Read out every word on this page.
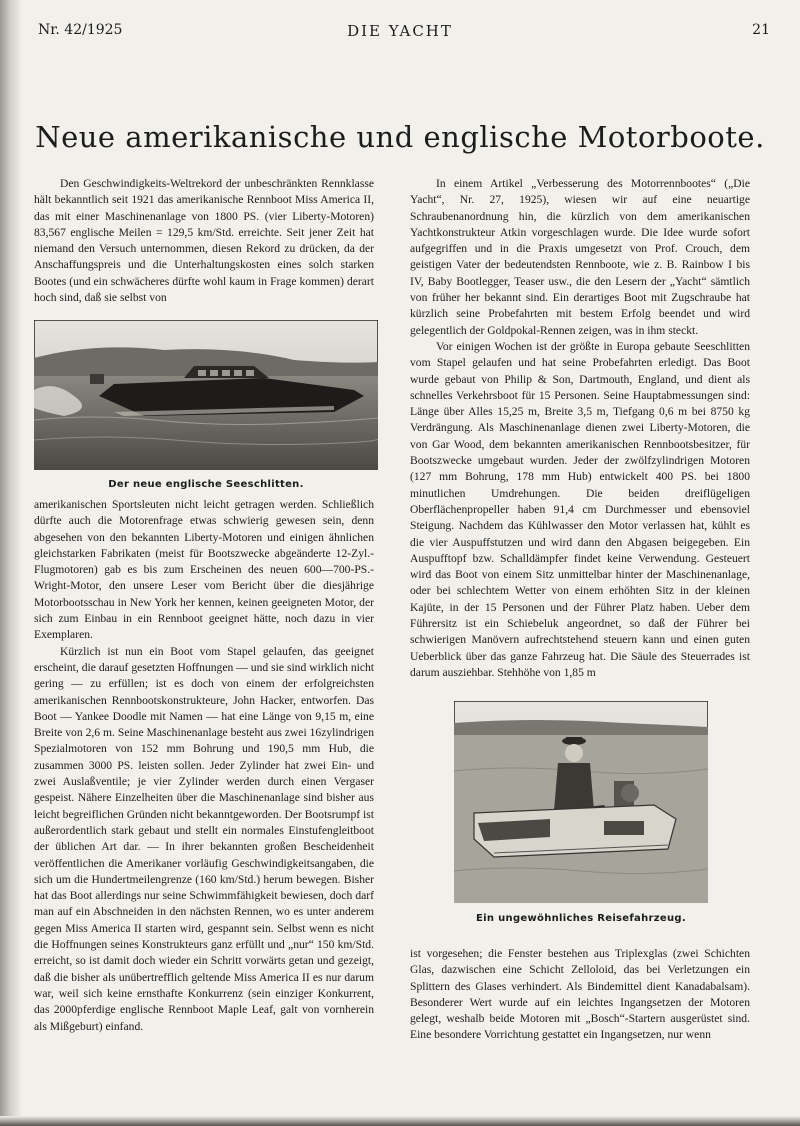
DIE YACHT
Nr. 42/1925	21
Neue amerikanische und englische Motorboote.

Den Geschwindigkeits-Weltrekord der unbeschränkten Rennklasse hält bekanntlich seit 1921 das amerikanische Rennboot Miss America II, das mit einer Maschinenanlage von 1800 PS. (vier Liberty-Motoren) 83,567 englische Meilen = 129,5 km/Std. erreichte. Seit jener Zeit hat niemand den Versuch unternommen, diesen Rekord zu drücken, da der Anschaffungspreis und die Unterhaltungskosten eines solch starken Bootes (und ein schwächeres dürfte wohl kaum in Frage kommen) derart hoch sind, daß sie selbst von

Der neue englische Seeschlitten.

amerikanischen Sportsleuten nicht leicht getragen werden. Schließlich dürfte auch die Motorenfrage etwas schwierig gewesen sein, denn abgesehen von den bekannten Liberty-Motoren und einigen ähnlichen gleichstarken Fabrikaten (meist für Bootszwecke abgeänderte 12-Zyl.-Flugmotoren) gab es bis zum Erscheinen des neuen 600—700-PS.-Wright-Motor, den unsere Leser vom Bericht über die diesjährige Motorbootsschau in New York her kennen, keinen geeigneten Motor, der sich zum Einbau in ein Rennboot geeignet hätte, noch dazu in vier Exemplaren.

Kürzlich ist nun ein Boot vom Stapel gelaufen, das geeignet erscheint, die darauf gesetzten Hoffnungen — und sie sind wirklich nicht gering — zu erfüllen; ist es doch von einem der erfolgreichsten amerikanischen Rennbootskonstrukteure, John Hacker, entworfen. Das Boot — Yankee Doodle mit Namen — hat eine Länge von 9,15 m, eine Breite von 2,6 m. Seine Maschinenanlage besteht aus zwei 16zylindrigen Spezialmotoren von 152 mm Bohrung und 190,5 mm Hub, die zusammen 3000 PS. leisten sollen. Jeder Zylinder hat zwei Ein- und zwei Auslaßventile; je vier Zylinder werden durch einen Vergaser gespeist. Nähere Einzelheiten über die Maschinenanlage sind bisher aus leicht begreiflichen Gründen nicht bekanntgeworden. Der Bootsrumpf ist außerordentlich stark gebaut und stellt ein normales Einstufengleitboot der üblichen Art dar. — In ihrer bekannten großen Bescheidenheit veröffentlichen die Amerikaner vorläufig Geschwindigkeitsangaben, die sich um die Hundertmeilengrenze (160 km/Std.) herum bewegen. Bisher hat das Boot allerdings nur seine Schwimmfähigkeit bewiesen, doch darf man auf ein Abschneiden in den nächsten Rennen, wo es unter anderem gegen Miss America II starten wird, gespannt sein. Selbst wenn es nicht die Hoffnungen seines Konstrukteurs ganz erfüllt und „nur“ 150 km/Std. erreicht, so ist damit doch wieder ein Schritt vorwärts getan und gezeigt, daß die bisher als unübertrefflich geltende Miss America II es nur darum war, weil sich keine ernsthafte Konkurrenz (sein einziger Konkurrent, das 2000pferdige englische Rennboot Maple Leaf, galt von vornherein als Mißgeburt) einfand.

In einem Artikel „Verbesserung des Motorrennbootes“ („Die Yacht“, Nr. 27, 1925), wiesen wir auf eine neuartige Schraubenanordnung hin, die kürzlich von dem amerikanischen Yachtkonstrukteur Atkin vorgeschlagen wurde. Die Idee wurde sofort aufgegriffen und in die Praxis umgesetzt von Prof. Crouch, dem geistigen Vater der bedeutendsten Rennboote, wie z. B. Rainbow I bis IV, Baby Bootlegger, Teaser usw., die den Lesern der „Yacht“ sämtlich von früher her bekannt sind. Ein derartiges Boot mit Zugschraube hat kürzlich seine Probefahrten mit bestem Erfolg beendet und wird gelegentlich der Goldpokal-Rennen zeigen, was in ihm steckt.

Vor einigen Wochen ist der größte in Europa gebaute Seeschlitten vom Stapel gelaufen und hat seine Probefahrten erledigt. Das Boot wurde gebaut von Philip & Son, Dartmouth, England, und dient als schnelles Verkehrsboot für 15 Personen. Seine Hauptabmessungen sind: Länge über Alles 15,25 m, Breite 3,5 m, Tiefgang 0,6 m bei 8750 kg Verdrängung. Als Maschinenanlage dienen zwei Liberty-Motoren, die von Gar Wood, dem bekannten amerikanischen Rennbootsbesitzer, für Bootszwecke umgebaut wurden. Jeder der zwölfzylindrigen Motoren (127 mm Bohrung, 178 mm Hub) entwickelt 400 PS. bei 1800 minutlichen Umdrehungen. Die beiden dreiflügeligen Oberflächenpropeller haben 91,4 cm Durchmesser und ebensoviel Steigung. Nachdem das Kühlwasser den Motor verlassen hat, kühlt es die vier Auspuffstutzen und wird dann den Abgasen beigegeben. Ein Auspufftopf bzw. Schalldämpfer findet keine Verwendung. Gesteuert wird das Boot von einem Sitz unmittelbar hinter der Maschinenanlage, oder bei schlechtem Wetter von einem erhöhten Sitz in der kleinen Kajüte, in der 15 Personen und der Führer Platz haben. Ueber dem Führersitz ist ein Schiebeluk angeordnet, so daß der Führer bei schwierigen Manövern aufrechtstehend steuern kann und einen guten Ueberblick über das ganze Fahrzeug hat. Die Säule des Steuerrades ist darum ausziehbar. Stehhöhe von 1,85 m

Ein ungewöhnliches Reisefahrzeug.

ist vorgesehen; die Fenster bestehen aus Triplexglas (zwei Schichten Glas, dazwischen eine Schicht Zelloloid, das bei Verletzungen ein Splittern des Glases verhindert. Als Bindemittel dient Kanadabalsam). Besonderer Wert wurde auf ein leichtes Ingangsetzen der Motoren gelegt, weshalb beide Motoren mit „Bosch“-Startern ausgerüstet sind. Eine besondere Vorrichtung gestattet ein Ingangsetzen, nur wenn
